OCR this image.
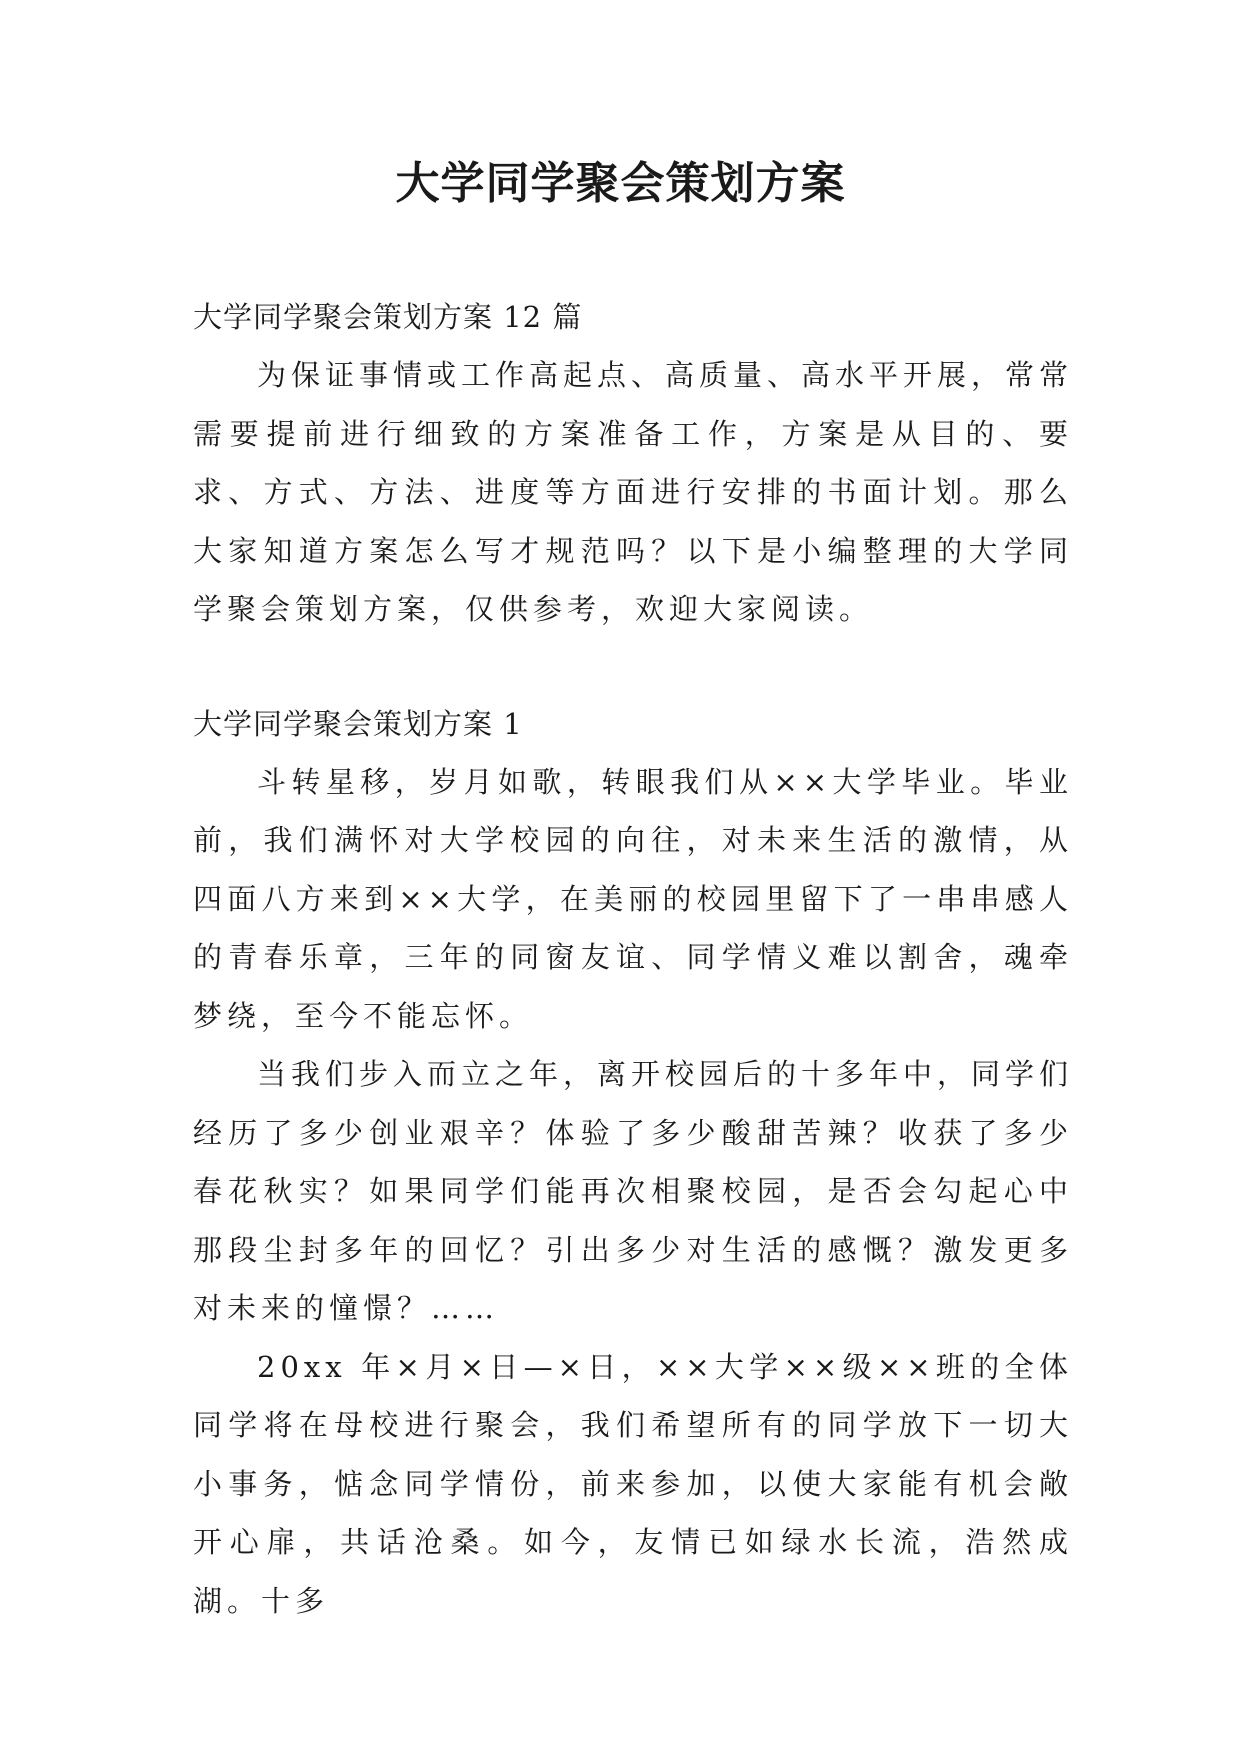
大学同学聚会策划方案

大学同学聚会策划方案 12 篇

为保证事情或工作高起点、高质量、高水平开展，常常需要提前进行细致的方案准备工作，方案是从目的、要求、方式、方法、进度等方面进行安排的书面计划。那么大家知道方案怎么写才规范吗？以下是小编整理的大学同学聚会策划方案，仅供参考，欢迎大家阅读。

大学同学聚会策划方案 1

斗转星移，岁月如歌，转眼我们从××大学毕业。毕业前，我们满怀对大学校园的向往，对未来生活的激情，从四面八方来到××大学，在美丽的校园里留下了一串串感人的青春乐章，三年的同窗友谊、同学情义难以割舍，魂牵梦绕，至今不能忘怀。

当我们步入而立之年，离开校园后的十多年中，同学们经历了多少创业艰辛？体验了多少酸甜苦辣？收获了多少春花秋实？如果同学们能再次相聚校园，是否会勾起心中那段尘封多年的回忆？引出多少对生活的感慨？激发更多对未来的憧憬？……

20xx 年×月×日—×日，××大学××级××班的全体同学将在母校进行聚会，我们希望所有的同学放下一切大小事务，惦念同学情份，前来参加，以使大家能有机会敞开心扉，共话沧桑。如今，友情已如绿水长流，浩然成湖。十多
